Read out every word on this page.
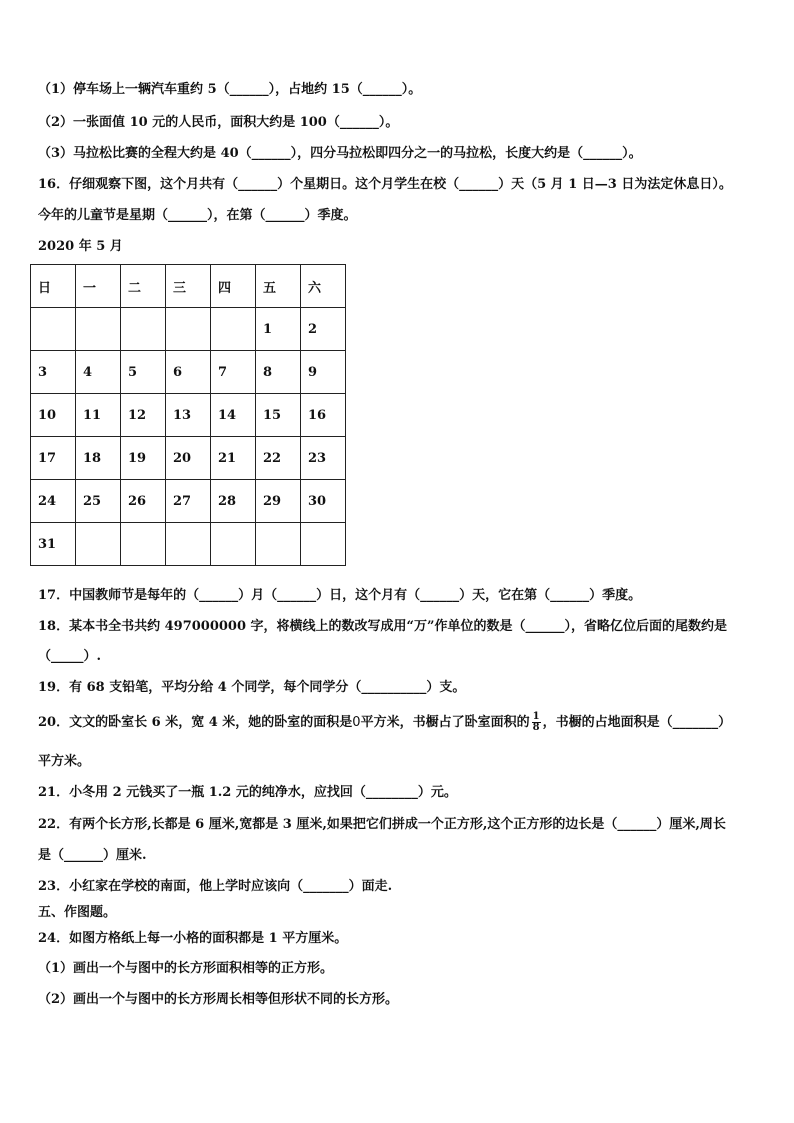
（1）停车场上一辆汽车重约 5（______），占地约 15（______）。
（2）一张面值 10 元的人民币，面积大约是 100（______）。
（3）马拉松比赛的全程大约是 40（______），四分马拉松即四分之一的马拉松，长度大约是（______）。
16．仔细观察下图，这个月共有（______）个星期日。这个月学生在校（______）天（5 月 1 日—3 日为法定休息日）。
今年的儿童节是星期（______），在第（______）季度。
2020 年 5 月
日	一	二	三	四	五	六
					1	2
3	4	5	6	7	8	9
10	11	12	13	14	15	16
17	18	19	20	21	22	23
24	25	26	27	28	29	30
31						
17．中国教师节是每年的（______）月（______）日，这个月有（______）天，它在第（______）季度。
18．某本书全书共约 497000000 字，将横线上的数改写成用“万”作单位的数是（______），省略亿位后面的尾数约是
（_____）.
19．有 68 支铅笔，平均分给 4 个同学，每个同学分（__________）支。
20．文文的卧室长 6 米，宽 4 米，她的卧室的面积是0平方米，书橱占了卧室面积的 $\frac{1}{8}$ ，书橱的占地面积是（_______）
平方米。
21．小冬用 2 元钱买了一瓶 1.2 元的纯净水，应找回（________）元。
22．有两个长方形,长都是 6 厘米,宽都是 3 厘米,如果把它们拼成一个正方形,这个正方形的边长是（______）厘米,周长
是（______）厘米.
23．小红家在学校的南面，他上学时应该向（_______）面走.
五、作图题。
24．如图方格纸上每一小格的面积都是 1 平方厘米。
（1）画出一个与图中的长方形面积相等的正方形。
（2）画出一个与图中的长方形周长相等但形状不同的长方形。
